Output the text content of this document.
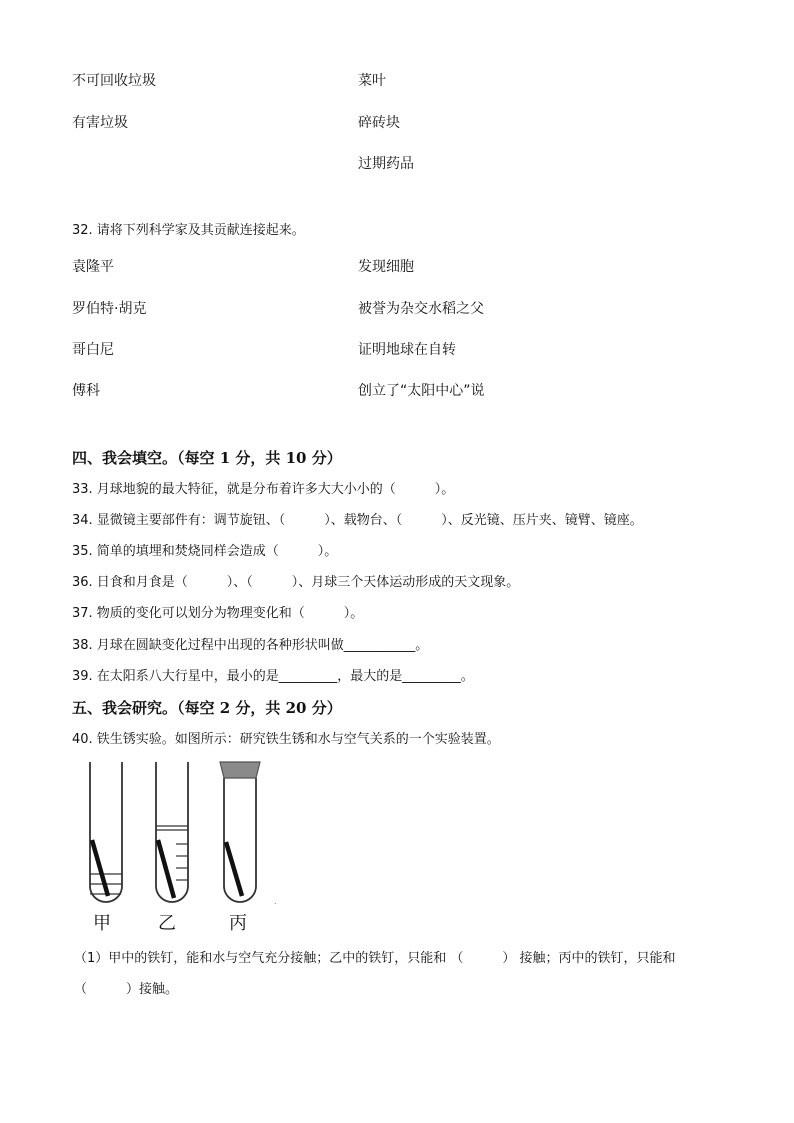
不可回收垃圾
有害垃圾
菜叶
碎砖块
过期药品
32. 请将下列科学家及其贡献连接起来。
袁隆平
罗伯特·胡克
哥白尼
傅科
发现细胞
被誉为杂交水稻之父
证明地球在自转
创立了“太阳中心”说
四、我会填空。（每空 1 分，共 10 分）
33. 月球地貌的最大特征，就是分布着许多大大小小的（　　　）。
34. 显微镜主要部件有：调节旋钮、（　　　）、载物台、（　　　）、反光镜、压片夹、镜臂、镜座。
35. 简单的填埋和焚烧同样会造成（　　　）。
36. 日食和月食是（　　　）、（　　　）、月球三个天体运动形成的天文现象。
37. 物质的变化可以划分为物理变化和（　　　）。
38. 月球在圆缺变化过程中出现的各种形状叫做___________。
39. 在太阳系八大行星中，最小的是_________，最大的是_________。
五、我会研究。（每空 2 分，共 20 分）
40. 铁生锈实验。如图所示：研究铁生锈和水与空气关系的一个实验装置。
.
甲	乙	丙
（1）甲中的铁钉，能和水与空气充分接触；乙中的铁钉，只能和 （　　　） 接触；丙中的铁钉，只能和
（　　　）接触。
